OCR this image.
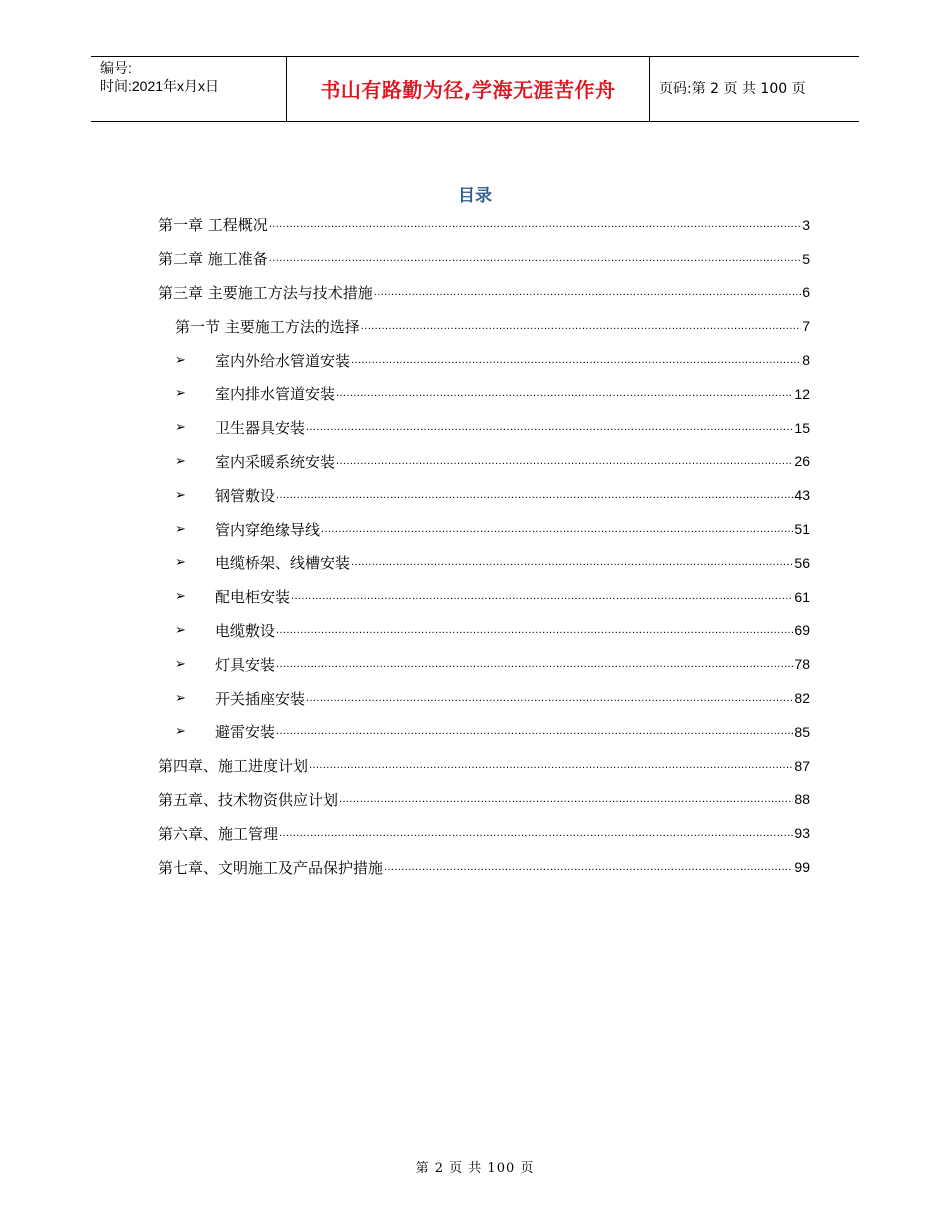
编号:
时间:2021年x月x日	书山有路勤为径,学海无涯苦作舟	页码:第 2 页 共 100 页
目录
第一章 工程概况 .....	3
第二章 施工准备 .....	5
第三章 主要施工方法与技术措施 .....	6
第一节 主要施工方法的选择 .....	7
➢	室内外给水管道安装 .....	8
➢	室内排水管道安装 .....	12
➢	卫生器具安装 .....	15
➢	室内采暖系统安装 .....	26
➢	钢管敷设 .....	43
➢	管内穿绝缘导线 .....	51
➢	电缆桥架、线槽安装 .....	56
➢	配电柜安装 .....	61
➢	电缆敷设 .....	69
➢	灯具安装 .....	78
➢	开关插座安装 .....	82
➢	避雷安装 .....	85
第四章、施工进度计划 .....	87
第五章、技术物资供应计划 .....	88
第六章、施工管理 .....	93
第七章、文明施工及产品保护措施 .....	99
第 2 页 共 100 页
